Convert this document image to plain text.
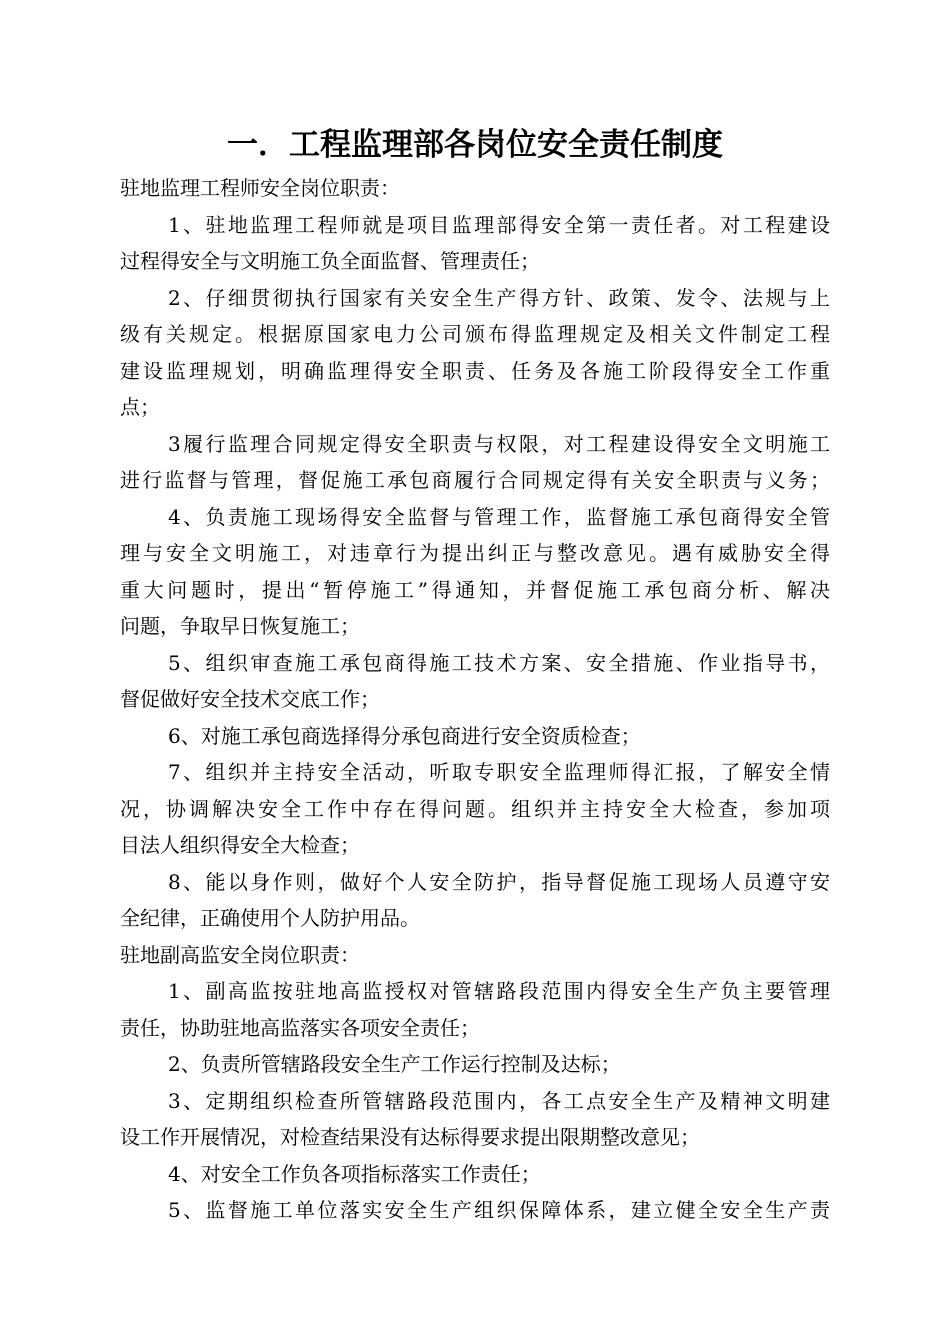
一．工程监理部各岗位安全责任制度
驻地监理工程师安全岗位职责：
1、驻地监理工程师就是项目监理部得安全第一责任者。对工程建设
过程得安全与文明施工负全面监督、管理责任；
2、仔细贯彻执行国家有关安全生产得方针、政策、发令、法规与上
级有关规定。根据原国家电力公司颁布得监理规定及相关文件制定工程
建设监理规划，明确监理得安全职责、任务及各施工阶段得安全工作重
点；
3履行监理合同规定得安全职责与权限，对工程建设得安全文明施工
进行监督与管理，督促施工承包商履行合同规定得有关安全职责与义务；
4、负责施工现场得安全监督与管理工作，监督施工承包商得安全管
理与安全文明施工，对违章行为提出纠正与整改意见。遇有威胁安全得
重大问题时，提出“暂停施工”得通知，并督促施工承包商分析、解决
问题，争取早日恢复施工；
5、组织审查施工承包商得施工技术方案、安全措施、作业指导书，
督促做好安全技术交底工作；
6、对施工承包商选择得分承包商进行安全资质检查；
7、组织并主持安全活动，听取专职安全监理师得汇报，了解安全情
况，协调解决安全工作中存在得问题。组织并主持安全大检查，参加项
目法人组织得安全大检查；
8、能以身作则，做好个人安全防护，指导督促施工现场人员遵守安
全纪律，正确使用个人防护用品。
驻地副高监安全岗位职责：
1、副高监按驻地高监授权对管辖路段范围内得安全生产负主要管理
责任，协助驻地高监落实各项安全责任；
2、负责所管辖路段安全生产工作运行控制及达标；
3、定期组织检查所管辖路段范围内，各工点安全生产及精神文明建
设工作开展情况，对检查结果没有达标得要求提出限期整改意见；
4、对安全工作负各项指标落实工作责任；
5、监督施工单位落实安全生产组织保障体系，建立健全安全生产责
